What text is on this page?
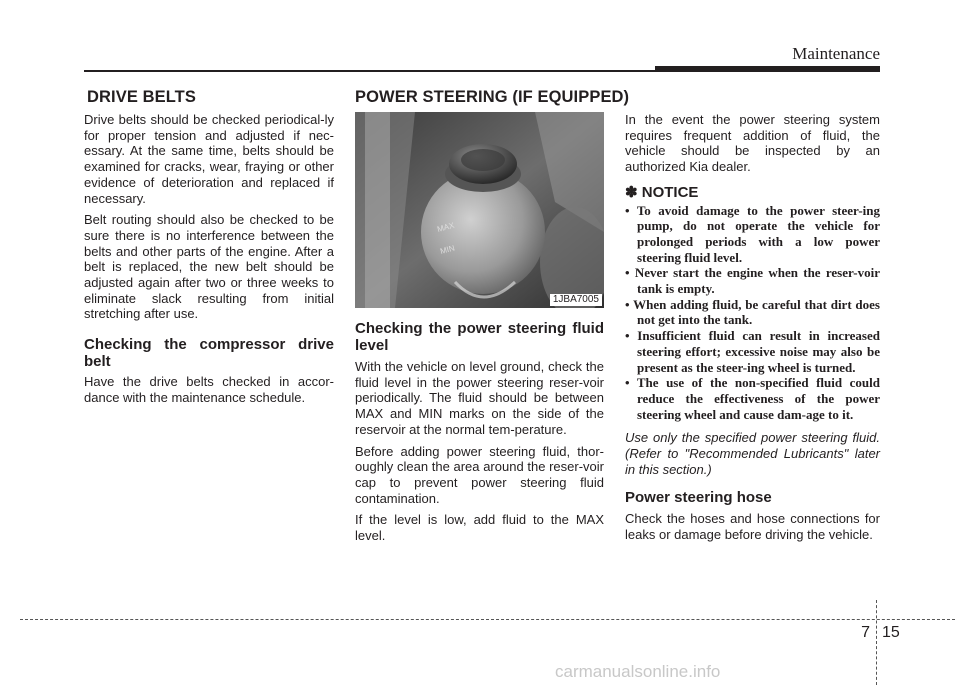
Maintenance
DRIVE BELTS

Drive belts should be checked periodical-ly for proper tension and adjusted if nec-essary. At the same time, belts should be examined for cracks, wear, fraying or other evidence of deterioration and replaced if necessary.

Belt routing should also be checked to be sure there is no interference between the belts and other parts of the engine. After a belt is replaced, the new belt should be adjusted again after two or three weeks to eliminate slack resulting from initial stretching after use.

Checking the compressor drive belt

Have the drive belts checked in accor-dance with the maintenance schedule.

POWER STEERING (IF EQUIPPED)
MAX
MIN
1JBA7005
Checking the power steering fluid level

With the vehicle on level ground, check the fluid level in the power steering reser-voir periodically. The fluid should be between MAX and MIN marks on the side of the reservoir at the normal tem-perature.

Before adding power steering fluid, thor-oughly clean the area around the reser-voir cap to prevent power steering fluid contamination.

If the level is low, add fluid to the MAX level.

In the event the power steering system requires frequent addition of fluid, the vehicle should be inspected by an authorized Kia dealer.

✽ NOTICE
• To avoid damage to the power steer-ing pump, do not operate the vehicle for prolonged periods with a low power steering fluid level.
• Never start the engine when the reser-voir tank is empty.
• When adding fluid, be careful that dirt does not get into the tank.
• Insufficient fluid can result in increased steering effort; excessive noise may also be present as the steer-ing wheel is turned.
• The use of the non-specified fluid could reduce the effectiveness of the power steering wheel and cause dam-age to it.

Use only the specified power steering fluid. (Refer to "Recommended Lubricants" later in this section.)

Power steering hose

Check the hoses and hose connections for leaks or damage before driving the vehicle.

7 15
carmanualsonline.info
